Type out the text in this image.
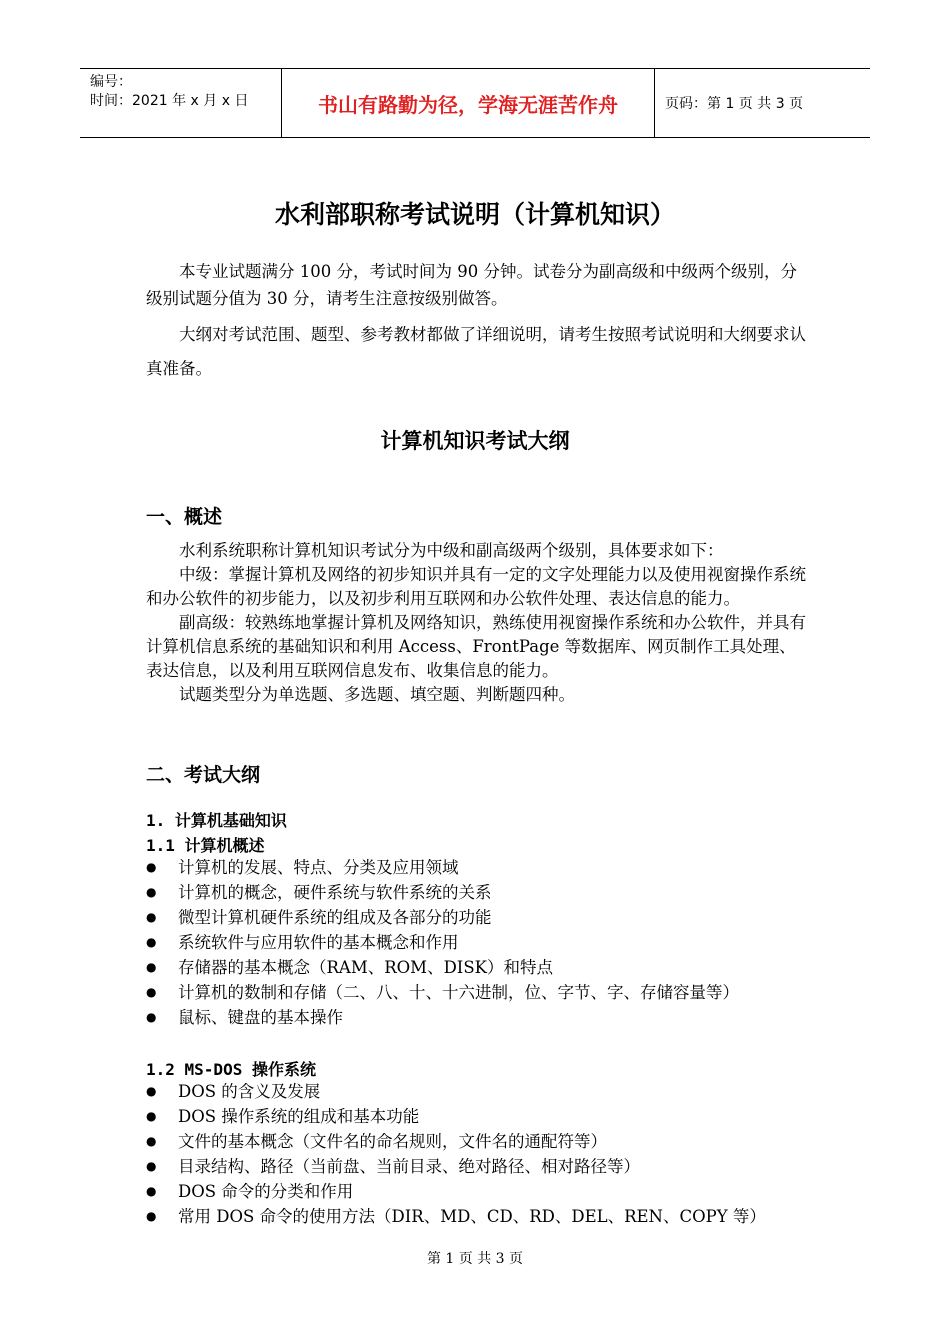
编号：
时间：2021 年 x 月 x 日	书山有路勤为径，学海无涯苦作舟	页码：第 1 页 共 3 页
水利部职称考试说明（计算机知识）
本专业试题满分 100 分，考试时间为 90 分钟。试卷分为副高级和中级两个级别，分级别试题分值为 30 分，请考生注意按级别做答。
大纲对考试范围、题型、参考教材都做了详细说明，请考生按照考试说明和大纲要求认真准备。
计算机知识考试大纲
一、概述

水利系统职称计算机知识考试分为中级和副高级两个级别，具体要求如下：

中级：掌握计算机及网络的初步知识并具有一定的文字处理能力以及使用视窗操作系统和办公软件的初步能力，以及初步利用互联网和办公软件处理、表达信息的能力。

副高级：较熟练地掌握计算机及网络知识，熟练使用视窗操作系统和办公软件，并具有计算机信息系统的基础知识和利用 Access、FrontPage 等数据库、网页制作工具处理、表达信息，以及利用互联网信息发布、收集信息的能力。

试题类型分为单选题、多选题、填空题、判断题四种。

二、考试大纲
1. 计算机基础知识
1.1 计算机概述
●	计算机的发展、特点、分类及应用领域
●	计算机的概念，硬件系统与软件系统的关系
●	微型计算机硬件系统的组成及各部分的功能
●	系统软件与应用软件的基本概念和作用
●	存储器的基本概念（RAM、ROM、DISK）和特点
●	计算机的数制和存储（二、八、十、十六进制，位、字节、字、存储容量等）
●	鼠标、键盘的基本操作
1.2 MS-DOS 操作系统
●	DOS 的含义及发展
●	DOS 操作系统的组成和基本功能
●	文件的基本概念（文件名的命名规则，文件名的通配符等）
●	目录结构、路径（当前盘、当前目录、绝对路径、相对路径等）
●	DOS 命令的分类和作用
●	常用 DOS 命令的使用方法（DIR、MD、CD、RD、DEL、REN、COPY 等）
第 1 页 共 3 页
